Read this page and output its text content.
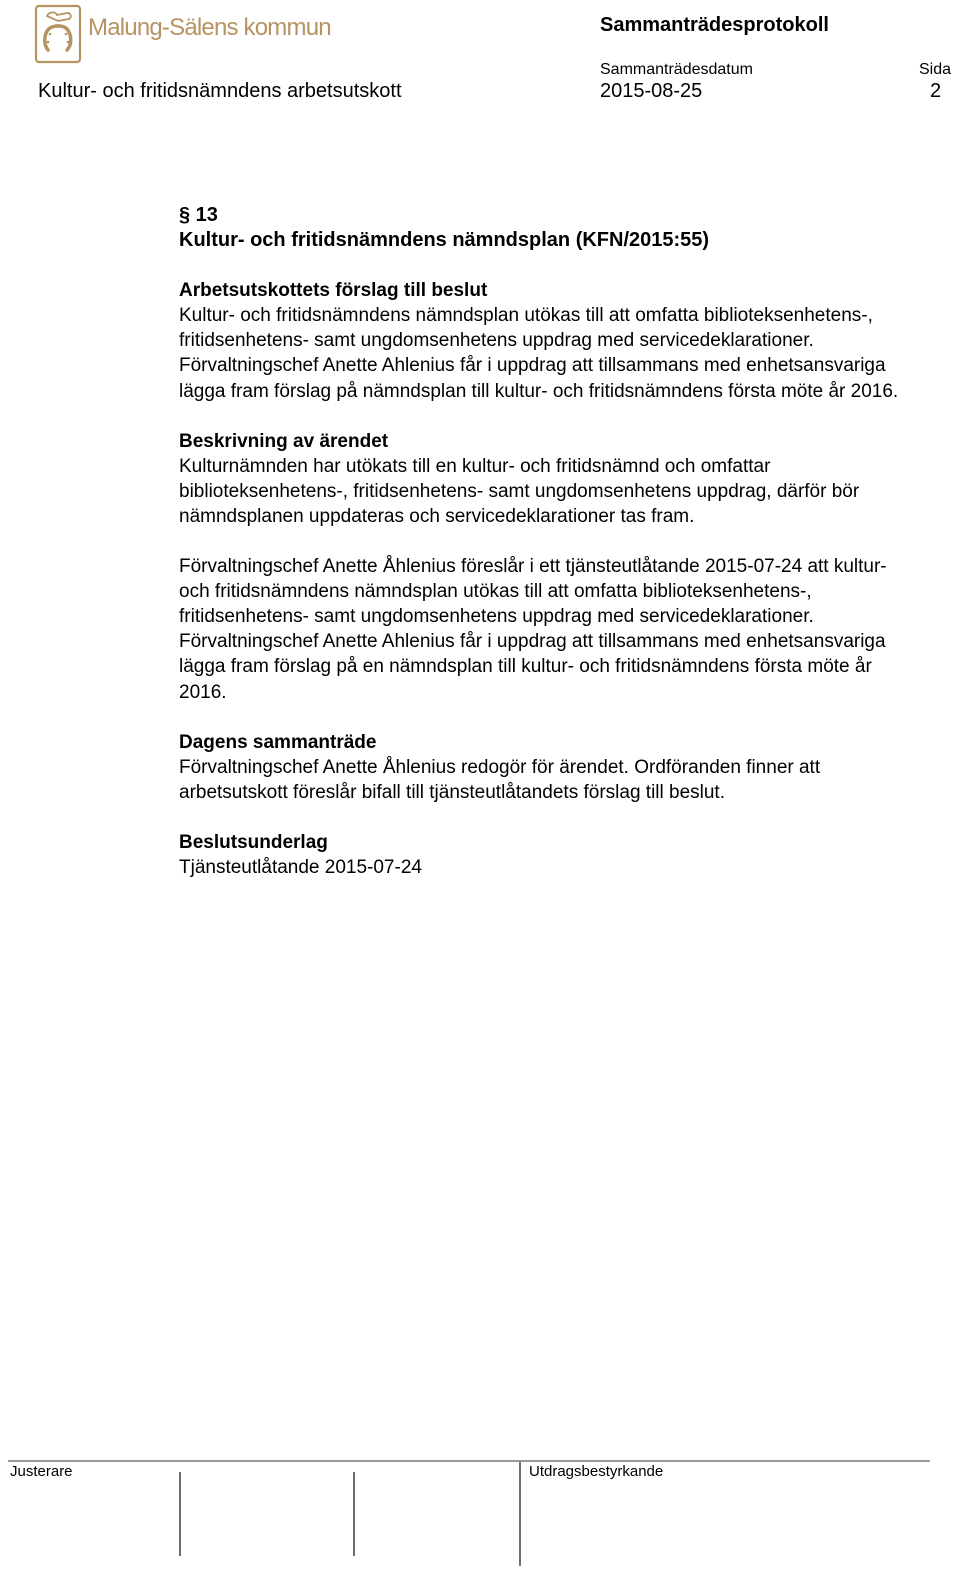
Malung-Sälens kommun	Sammanträdesprotokoll
Sammanträdesdatum	Sida
Kultur- och fritidsnämndens arbetsutskott	2015-08-25	2

§ 13

Kultur- och fritidsnämndens nämndsplan (KFN/2015:55)

Arbetsutskottets förslag till beslut

Kultur- och fritidsnämndens nämndsplan utökas till att omfatta biblioteksenhetens-, fritidsenhetens- samt ungdomsenhetens uppdrag med servicedeklarationer. Förvaltningschef Anette Ahlenius får i uppdrag att tillsammans med enhetsansvariga lägga fram förslag på nämndsplan till kultur- och fritidsnämndens första möte år 2016.

Beskrivning av ärendet

Kulturnämnden har utökats till en kultur- och fritidsnämnd och omfattar biblioteksenhetens-, fritidsenhetens- samt ungdomsenhetens uppdrag, därför bör nämndsplanen uppdateras och servicedeklarationer tas fram.

Förvaltningschef Anette Åhlenius föreslår i ett tjänsteutlåtande 2015-07-24 att kultur- och fritidsnämndens nämndsplan utökas till att omfatta biblioteksenhetens-, fritidsenhetens- samt ungdomsenhetens uppdrag med servicedeklarationer. Förvaltningschef Anette Ahlenius får i uppdrag att tillsammans med enhetsansvariga lägga fram förslag på en nämndsplan till kultur- och fritidsnämndens första möte år 2016.

Dagens sammanträde

Förvaltningschef Anette Åhlenius redogör för ärendet. Ordföranden finner att arbetsutskott föreslår bifall till tjänsteutlåtandets förslag till beslut.

Beslutsunderlag

Tjänsteutlåtande 2015-07-24

Justerare	Utdragsbestyrkande
